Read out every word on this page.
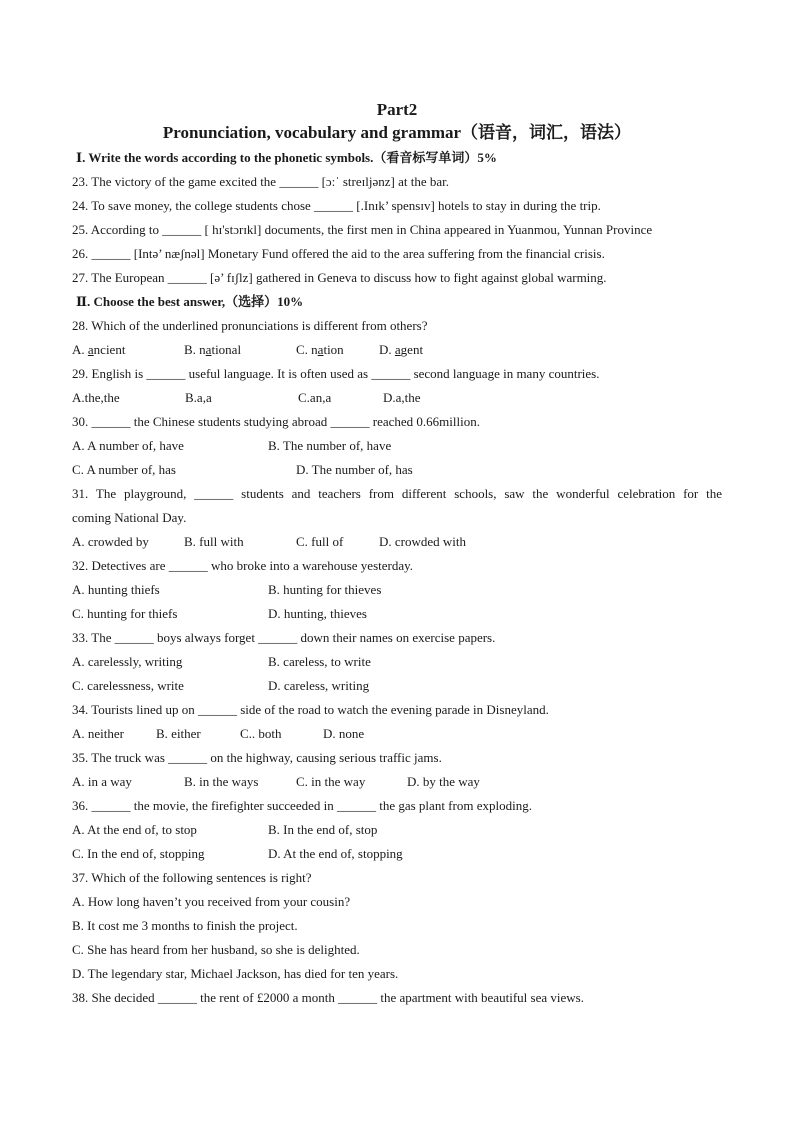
Part2
Pronunciation, vocabulary and grammar（语音，词汇，语法）
Ⅰ. Write the words according to the phonetic symbols.（看音标写单词）5%
23. The victory of the game excited the ______ [ɔ:ˈ streɪljənz] at the bar.
24. To save money, the college students chose ______ [.Inɪk’ spensɪv] hotels to stay in during the trip.
25. According to ______ [ hɪ'stɔrɪkl] documents, the first men in China appeared in Yuanmou, Yunnan Province
26. ______ [Intə’ næʃnəl] Monetary Fund offered the aid to the area suffering from the financial crisis.
27. The European ______ [ə’ fɪʃlz] gathered in Geneva to discuss how to fight against global warming.
Ⅱ. Choose the best answer,（选择）10%
28. Which of the underlined pronunciations is different from others?
A. ancient	B. national	C. nation	D. agent
29. English is ______ useful language. It is often used as ______ second language in many countries.
A.the,the	B.a,a	C.an,a	D.a,the
30. ______ the Chinese students studying abroad ______ reached 0.66million.
A. A number of, have	B. The number of, have
C. A number of, has	D. The number of, has
31. The playground, ______ students and teachers from different schools, saw the wonderful celebration for the
coming National Day.
A. crowded by	B. full with	C. full of	D. crowded with
32. Detectives are ______ who broke into a warehouse yesterday.
A. hunting thiefs	B. hunting for thieves
C. hunting for thiefs	D. hunting, thieves
33. The ______ boys always forget ______ down their names on exercise papers.
A. carelessly, writing	B. careless, to write
C. carelessness, write	D. careless, writing
34. Tourists lined up on ______ side of the road to watch the evening parade in Disneyland.
A. neither B. either	C.. both	D. none
35. The truck was ______ on the highway, causing serious traffic jams.
A. in a way	B. in the ways	C. in the way	D. by the way
36. ______ the movie, the firefighter succeeded in ______ the gas plant from exploding.
A. At the end of, to stop	B. In the end of, stop
C. In the end of, stopping	D. At the end of, stopping
37. Which of the following sentences is right?
A. How long haven’t you received from your cousin?
B. It cost me 3 months to finish the project.
C. She has heard from her husband, so she is delighted.
D. The legendary star, Michael Jackson, has died for ten years.
38. She decided ______ the rent of £2000 a month ______ the apartment with beautiful sea views.
